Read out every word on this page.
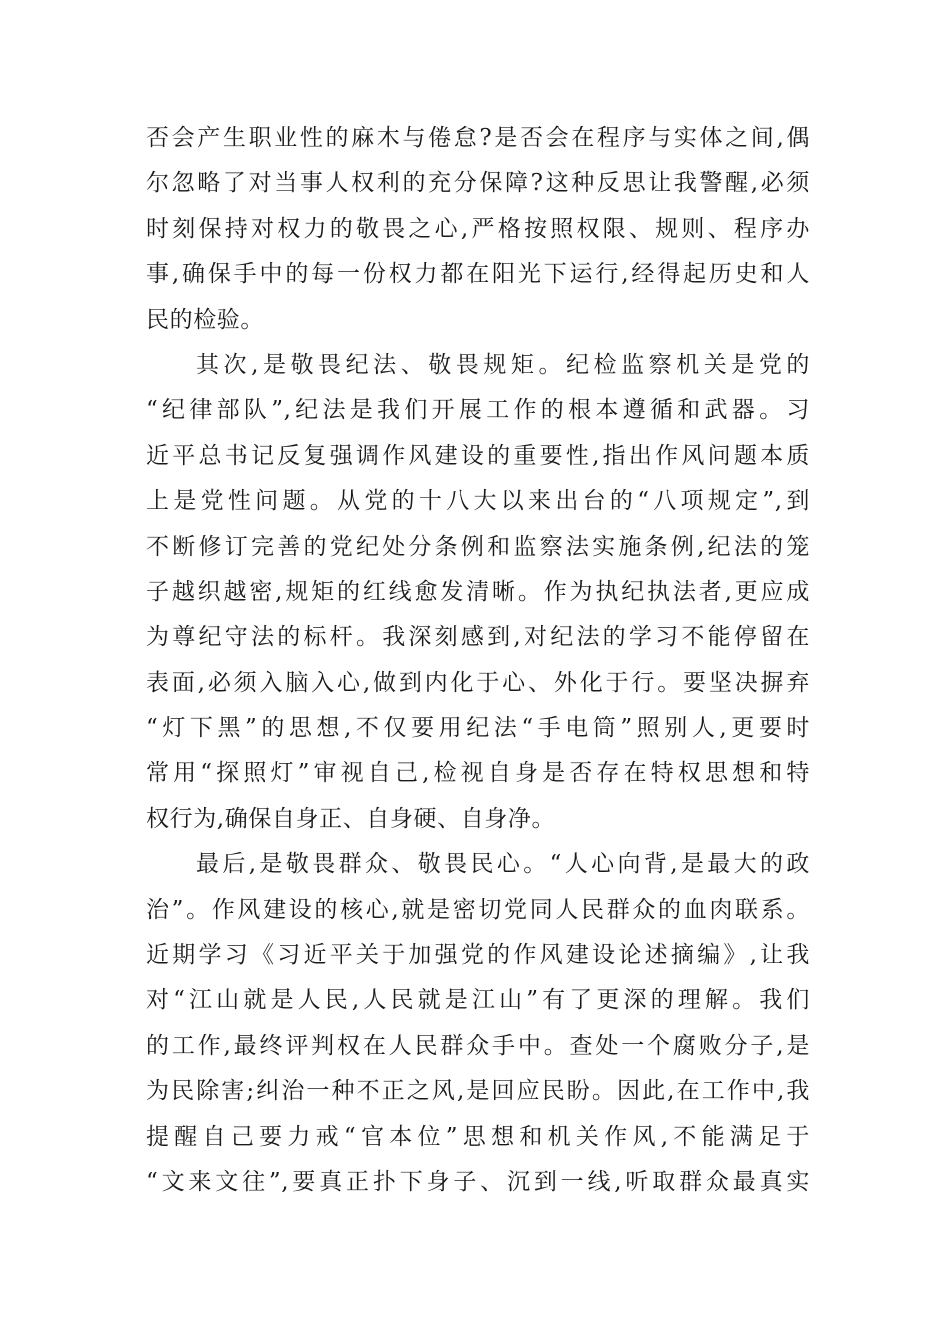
否会产生职业性的麻木与倦怠?是否会在程序与实体之间,偶
尔忽略了对当事人权利的充分保障?这种反思让我警醒,必须
时刻保持对权力的敬畏之心,严格按照权限、规则、程序办
事,确保手中的每一份权力都在阳光下运行,经得起历史和人
民的检验。
其次,是敬畏纪法、敬畏规矩。纪检监察机关是党的
“纪律部队”,纪法是我们开展工作的根本遵循和武器。习
近平总书记反复强调作风建设的重要性,指出作风问题本质
上是党性问题。从党的十八大以来出台的“八项规定”,到
不断修订完善的党纪处分条例和监察法实施条例,纪法的笼
子越织越密,规矩的红线愈发清晰。作为执纪执法者,更应成
为尊纪守法的标杆。我深刻感到,对纪法的学习不能停留在
表面,必须入脑入心,做到内化于心、外化于行。要坚决摒弃
“灯下黑”的思想,不仅要用纪法“手电筒”照别人,更要时
常用“探照灯”审视自己,检视自身是否存在特权思想和特
权行为,确保自身正、自身硬、自身净。
最后,是敬畏群众、敬畏民心。“人心向背,是最大的政
治”。作风建设的核心,就是密切党同人民群众的血肉联系。
近期学习《习近平关于加强党的作风建设论述摘编》,让我
对“江山就是人民,人民就是江山”有了更深的理解。我们
的工作,最终评判权在人民群众手中。查处一个腐败分子,是
为民除害;纠治一种不正之风,是回应民盼。因此,在工作中,我
提醒自己要力戒“官本位”思想和机关作风,不能满足于
“文来文往”,要真正扑下身子、沉到一线,听取群众最真实
